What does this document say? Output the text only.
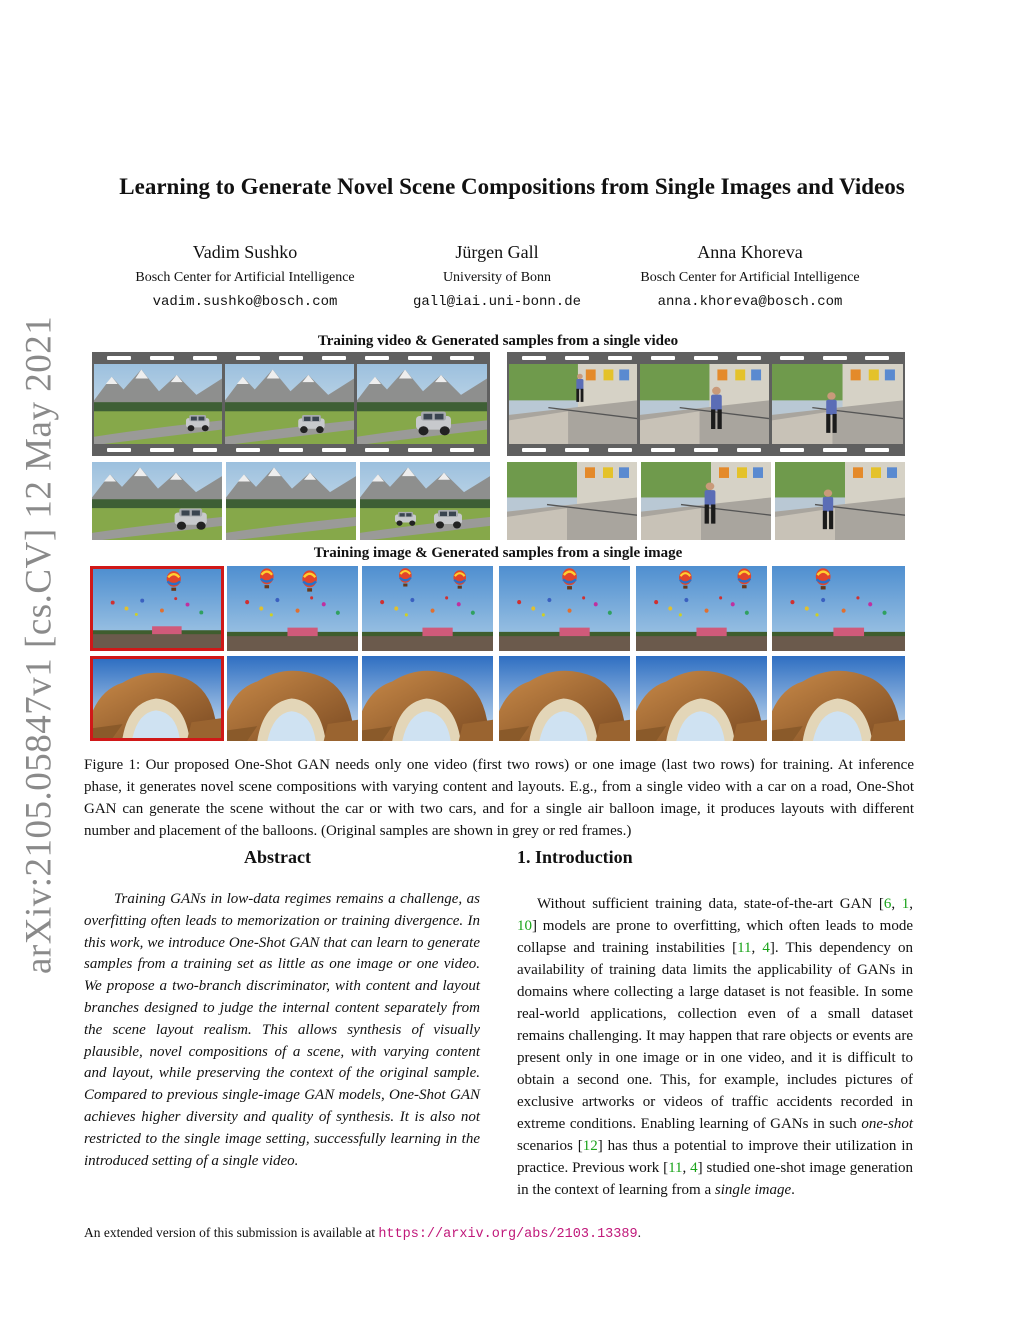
arXiv:2105.05847v1 [cs.CV] 12 May 2021
Learning to Generate Novel Scene Compositions from Single Images and Videos
Vadim Sushko
Bosch Center for Artificial Intelligence
vadim.sushko@bosch.com
Jürgen Gall
University of Bonn
gall@iai.uni-bonn.de
Anna Khoreva
Bosch Center for Artificial Intelligence
anna.khoreva@bosch.com
Training video & Generated samples from a single video
Training image & Generated samples from a single image

Figure 1: Our proposed One-Shot GAN needs only one video (first two rows) or one image (last two rows) for training. At inference phase, it generates novel scene compositions with varying content and layouts. E.g., from a single video with a car on a road, One-Shot GAN can generate the scene without the car or with two cars, and for a single air balloon image, it produces layouts with different number and placement of the balloons. (Original samples are shown in grey or red frames.)

Abstract

Training GANs in low-data regimes remains a challenge, as overfitting often leads to memorization or training divergence. In this work, we introduce One-Shot GAN that can learn to generate samples from a training set as little as one image or one video. We propose a two-branch discriminator, with content and layout branches designed to judge the internal content separately from the scene layout realism. This allows synthesis of visually plausible, novel compositions of a scene, with varying content and layout, while preserving the context of the original sample. Compared to previous single-image GAN models, One-Shot GAN achieves higher diversity and quality of synthesis. It is also not restricted to the single image setting, successfully learning in the introduced setting of a single video.

1. Introduction

Without sufficient training data, state-of-the-art GAN [6, 1, 10] models are prone to overfitting, which often leads to mode collapse and training instabilities [11, 4]. This dependency on availability of training data limits the applicability of GANs in domains where collecting a large dataset is not feasible. In some real-world applications, collection even of a small dataset remains challenging. It may happen that rare objects or events are present only in one image or in one video, and it is difficult to obtain a second one. This, for example, includes pictures of exclusive artworks or videos of traffic accidents recorded in extreme conditions. Enabling learning of GANs in such one-shot scenarios [12] has thus a potential to improve their utilization in practice. Previous work [11, 4] studied one-shot image generation in the context of learning from a single image.

An extended version of this submission is available at https://arxiv.org/abs/2103.13389.
